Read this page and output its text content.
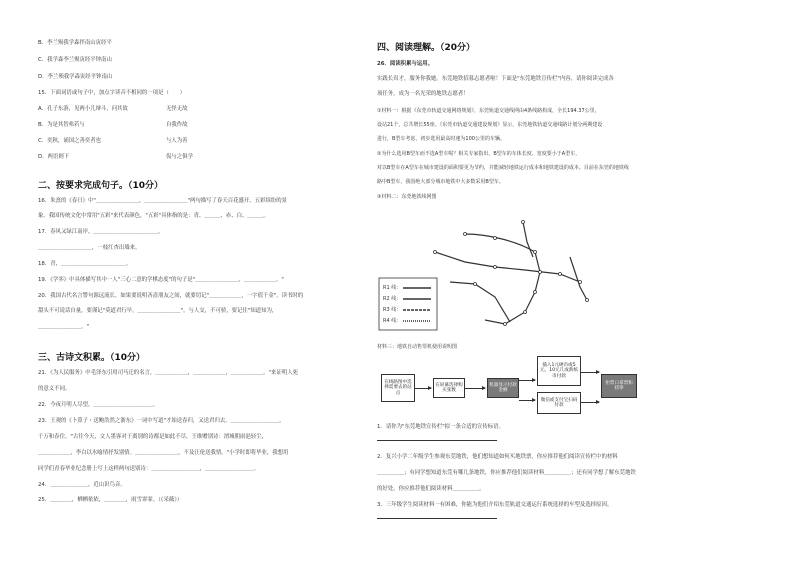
B．李兰殒我学森拌南山寅经平
C．我学森李兰殒寅经平钟南山
D．李兰殒我学森寅经平钟南山
15．下面词语或句子中，加点字读音不相同的一项是（　　）
A．孔子东游，见两小儿辩斗，问其故	无怪无故
B．为是其智弗若与	自我作故
C．奕秋，诵国之善奕者也	与人为善
D．两语则下	侃与之俱学
二、按要求完成句子。（10分）
16．朱熹的《春日》中"＿＿＿＿＿＿＿＿，＿＿＿＿＿＿＿＿"两句描写了春天百花盛开、五彩缤纷的景
象。我国传统文化中常用"五彩"来代表颜色，"五彩"具体指的是：青、＿＿＿、赤、白、＿＿＿。
17．春风又绿江南岸，＿＿＿＿＿＿＿＿＿＿＿＿。
＿＿＿＿＿＿＿＿＿＿，一枝红杏出墙来。
18．青，＿＿＿＿＿＿＿＿＿＿＿＿。
19．《学弈》中具体描写其中一人"三心二意的学棋态度"的句子是"＿＿＿＿＿＿＿＿，＿＿＿＿＿＿。"
20．我国古代名言警句源远流长，如果要说明吝啬朋友之间，就要切记"＿＿＿＿＿＿，一字值千金"。读书时的
甜头不可说话自量，要谨记"莫道君行早，＿＿＿＿＿＿＿＿"。与人交，不可骄，要记住"知道知为，
＿＿＿＿＿＿＿＿。"
三、古诗文积累。（10分）
21．《为人民服务》中毛泽东引用司马迁的名言，＿＿＿＿＿＿，＿＿＿＿＿＿，＿＿＿＿＿＿。"来证明人死
的意义不同。
22．今夜月明人尽望，＿＿＿＿＿＿＿＿＿＿＿。
23．王观的《卜算子・送鲍浩然之浙东》一词中写道"才始送春归，又送君归去。＿＿＿＿＿＿＿＿＿，
千万和春住。"古往今天，文人墨客对于离别的诗都是如此不尽，王维赠别诗：渭城朝雨浥轻尘，
＿＿＿＿＿＿，李白以水喻情抒发别情。＿＿＿＿＿＿＿＿，不及汪伦送我情。"小学时即将毕业，我想用
同学们青春毕业纪念册上写上这样两句送别诗：＿＿＿＿＿＿＿＿＿，＿＿＿＿＿＿＿＿＿。
24．＿＿＿＿＿＿＿，近山识鸟音。
25．＿＿＿＿，栖栖依依，＿＿＿＿，雨雪霏霏。（《采薇》）
四、阅读理解。（20分）
26．阅读积累与运用。
实践长真才，服务你我她。东莞地铁招募志愿者啦！下面是"东莞地铁宣传栏"内容，请你阅读完成各
项任务，成为一名光荣的地铁志愿者！
①材料一：根据《东莞市轨道交通网络规划》，东莞轨道交通线网由4条线路构成，全长194.37公里，
设站21个，总共增长55座。《东莞市轨道交通建设规划》显示，东莞地铁轨道交通线路计划分两期建设
进行，B型车考虑，初步选用最高时速为100公里的车辆。
②为什么选用B型车而不选A型车呢？相关专家指出，B型车的车体长度、宽度要小于A型车，
对以B型车在A型车在城市建设的面积要更为节约，并能减轻地铁运行成本和地铁建设的成本。目前在东莞的地铁线
路中B型车，我国绝大部分城市地铁中大多数采用B型车。
③材料二：东莞地铁线网图
R1 线：
R2 线：
R3 线：
R4 线：
材料三：地铁自动售票机使用说明图
在线路图中选择需要去的站点
在屏幕选择购买张数
机器显示付款金额
插入1元硬币或5元、10元几成新纸币付款
微信或支付宝扫码付款
拒票口拿票和找零
1．请你为"东莞地铁宣传栏"拟一条合适的宣传标语。
2．复兴小学二年级学生参观东莞地铁，他们想知道如何买地铁票，你应推荐他们阅读宣传栏中的材料
＿＿＿＿＿；有同学想知道东莞有哪几条地铁，你应推荐他们阅读材料＿＿＿＿＿；还有同学想了解东莞地铁
的好处，你应推荐他们阅读材料＿＿＿＿＿。
3．三年级学生阅读材料一有困难，你能为他们介绍东莞轨道交通运行系统选择的车型及选择原因。
